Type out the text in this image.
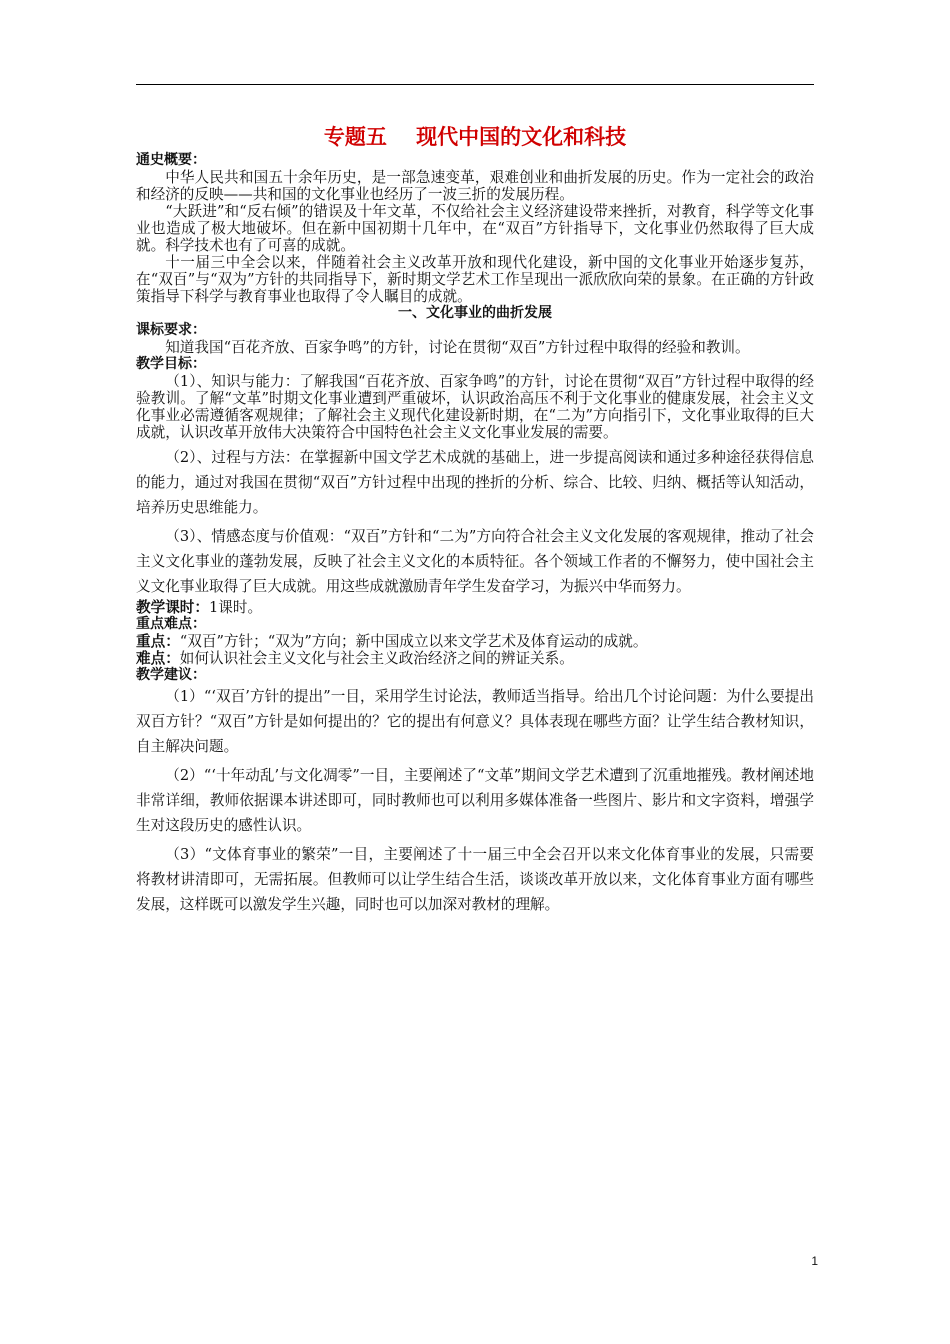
专题五 现代中国的文化和科技
通史概要：

中华人民共和国五十余年历史，是一部急速变革，艰难创业和曲折发展的历史。作为一定社会的政治和经济的反映——共和国的文化事业也经历了一波三折的发展历程。

“大跃进”和“反右倾”的错误及十年文革，不仅给社会主义经济建设带来挫折，对教育，科学等文化事业也造成了极大地破坏。但在新中国初期十几年中，在“双百”方针指导下，文化事业仍然取得了巨大成就。科学技术也有了可喜的成就。

十一届三中全会以来，伴随着社会主义改革开放和现代化建设，新中国的文化事业开始逐步复苏，在“双百”与“双为”方针的共同指导下，新时期文学艺术工作呈现出一派欣欣向荣的景象。在正确的方针政策指导下科学与教育事业也取得了令人瞩目的成就。

一、文化事业的曲折发展
课标要求：

知道我国“百花齐放、百家争鸣”的方针，讨论在贯彻“双百”方针过程中取得的经验和教训。

教学目标：

（1）、知识与能力：了解我国“百花齐放、百家争鸣”的方针，讨论在贯彻“双百”方针过程中取得的经验教训。了解“文革”时期文化事业遭到严重破坏，认识政治高压不利于文化事业的健康发展，社会主义文化事业必需遵循客观规律；了解社会主义现代化建设新时期，在“二为”方向指引下，文化事业取得的巨大成就，认识改革开放伟大决策符合中国特色社会主义文化事业发展的需要。

（2）、过程与方法：在掌握新中国文学艺术成就的基础上，进一步提高阅读和通过多种途径获得信息的能力，通过对我国在贯彻“双百”方针过程中出现的挫折的分析、综合、比较、归纳、概括等认知活动，培养历史思维能力。

（3）、情感态度与价值观：“双百”方针和“二为”方向符合社会主义文化发展的客观规律，推动了社会主义文化事业的蓬勃发展，反映了社会主义文化的本质特征。各个领域工作者的不懈努力，使中国社会主义文化事业取得了巨大成就。用这些成就激励青年学生发奋学习，为振兴中华而努力。

教学课时：1课时。

重点难点：

重点：“双百”方针；“双为”方向；新中国成立以来文学艺术及体育运动的成就。

难点：如何认识社会主义文化与社会主义政治经济之间的辨证关系。

教学建议：

（1）“‘双百’方针的提出”一目，采用学生讨论法，教师适当指导。给出几个讨论问题：为什么要提出双百方针？“双百”方针是如何提出的？它的提出有何意义？具体表现在哪些方面？让学生结合教材知识，自主解决问题。

（2）“‘十年动乱’与文化凋零”一目，主要阐述了“文革”期间文学艺术遭到了沉重地摧残。教材阐述地非常详细，教师依据课本讲述即可，同时教师也可以利用多媒体准备一些图片、影片和文字资料，增强学生对这段历史的感性认识。

（3）“文体育事业的繁荣”一目，主要阐述了十一届三中全会召开以来文化体育事业的发展，只需要将教材讲清即可，无需拓展。但教师可以让学生结合生活，谈谈改革开放以来，文化体育事业方面有哪些发展，这样既可以激发学生兴趣，同时也可以加深对教材的理解。

1
